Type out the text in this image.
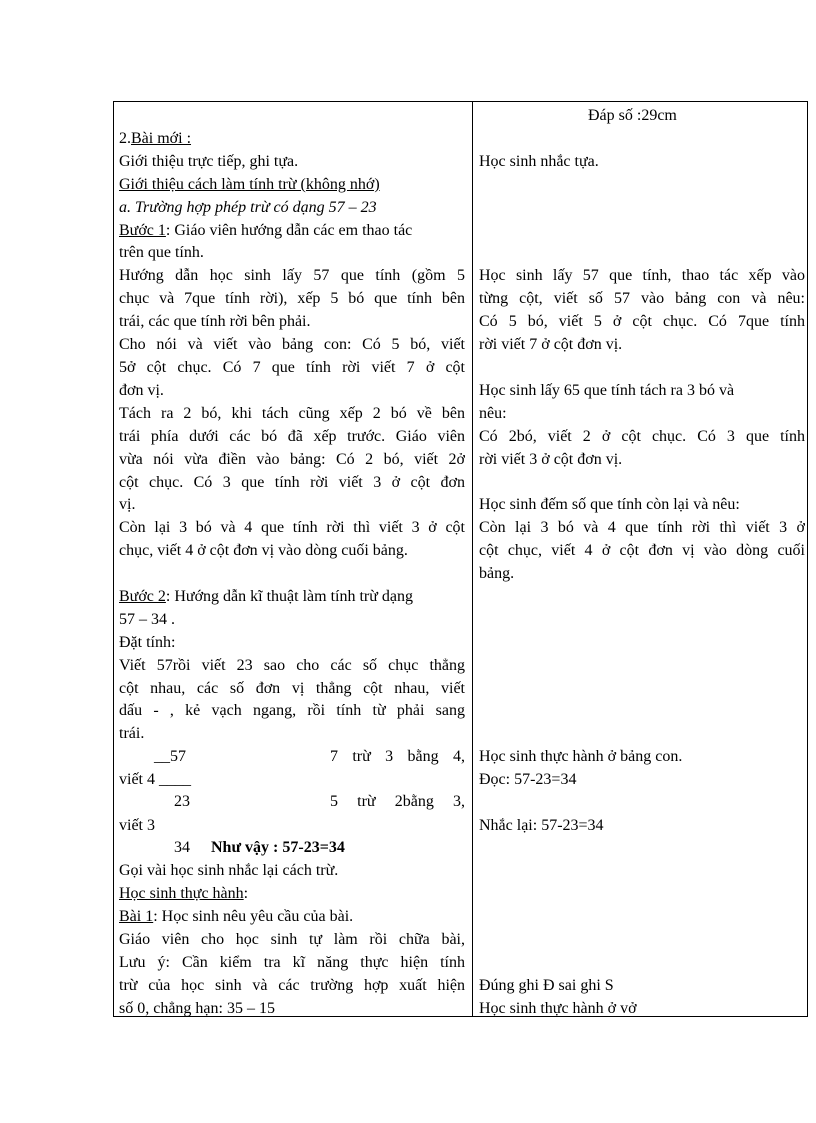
Đáp số :29cm
Học sinh nhắc tựa.
Học sinh lấy 57 que tính, thao tác xếp vào
từng cột, viết số 57 vào bảng con và nêu:
Có 5 bó, viết 5 ở cột chục. Có 7que tính
rời viết 7 ở cột đơn vị.
Học sinh lấy 65 que tính tách ra 3 bó và
nêu:
Có 2bó, viết 2 ở cột chục. Có 3 que tính
rời viết 3 ở cột đơn vị.
Học sinh đếm số que tính còn lại và nêu:
Còn lại 3 bó và 4 que tính rời thì viết 3 ở
cột chục, viết 4 ở cột đơn vị vào dòng cuối
bảng.
Học sinh thực hành ở bảng con.
Đọc: 57-23=34
Nhắc lại: 57-23=34
Đúng ghi Đ sai ghi S
Học sinh thực hành ở vở
2.Bài mới :
Giới thiệu trực tiếp, ghi tựa.
Giới thiệu cách làm tính trừ (không nhớ)
a. Trường hợp phép trừ có dạng 57 – 23
Bước 1: Giáo viên hướng dẫn các em thao tác
trên que tính.
Hướng dẫn học sinh lấy 57 que tính (gồm 5
chục và 7que tính rời), xếp 5 bó que tính bên
trái, các que tính rời bên phải.
Cho nói và viết vào bảng con: Có 5 bó, viết
5ở cột chục. Có 7 que tính rời viết 7 ở cột
đơn vị.
Tách ra 2 bó, khi tách cũng xếp 2 bó về bên
trái phía dưới các bó đã xếp trước. Giáo viên
vừa nói vừa điền vào bảng: Có 2 bó, viết 2ở
cột chục. Có 3 que tính rời viết 3 ở cột đơn
vị.
Còn lại 3 bó và 4 que tính rời thì viết 3 ở cột
chục, viết 4 ở cột đơn vị vào dòng cuối bảng.
Bước 2: Hướng dẫn kĩ thuật làm tính trừ dạng
57 – 34 .
Đặt tính:
Viết 57rồi viết 23 sao cho các số chục thẳng
cột nhau, các số đơn vị thẳng cột nhau, viết
dấu - , kẻ vạch ngang, rồi tính từ phải sang
trái.
__57	7 trừ 3 bằng 4,
viết 4 ____
23	5 trừ 2bằng 3,
viết 3
34 Như vậy : 57-23=34
Gọi vài học sinh nhắc lại cách trừ.
Học sinh thực hành:
Bài 1: Học sinh nêu yêu cầu của bài.
Giáo viên cho học sinh tự làm rồi chữa bài,
Lưu ý: Cần kiểm tra kĩ năng thực hiện tính
trừ của học sinh và các trường hợp xuất hiện
số 0, chẳng hạn: 35 – 15
